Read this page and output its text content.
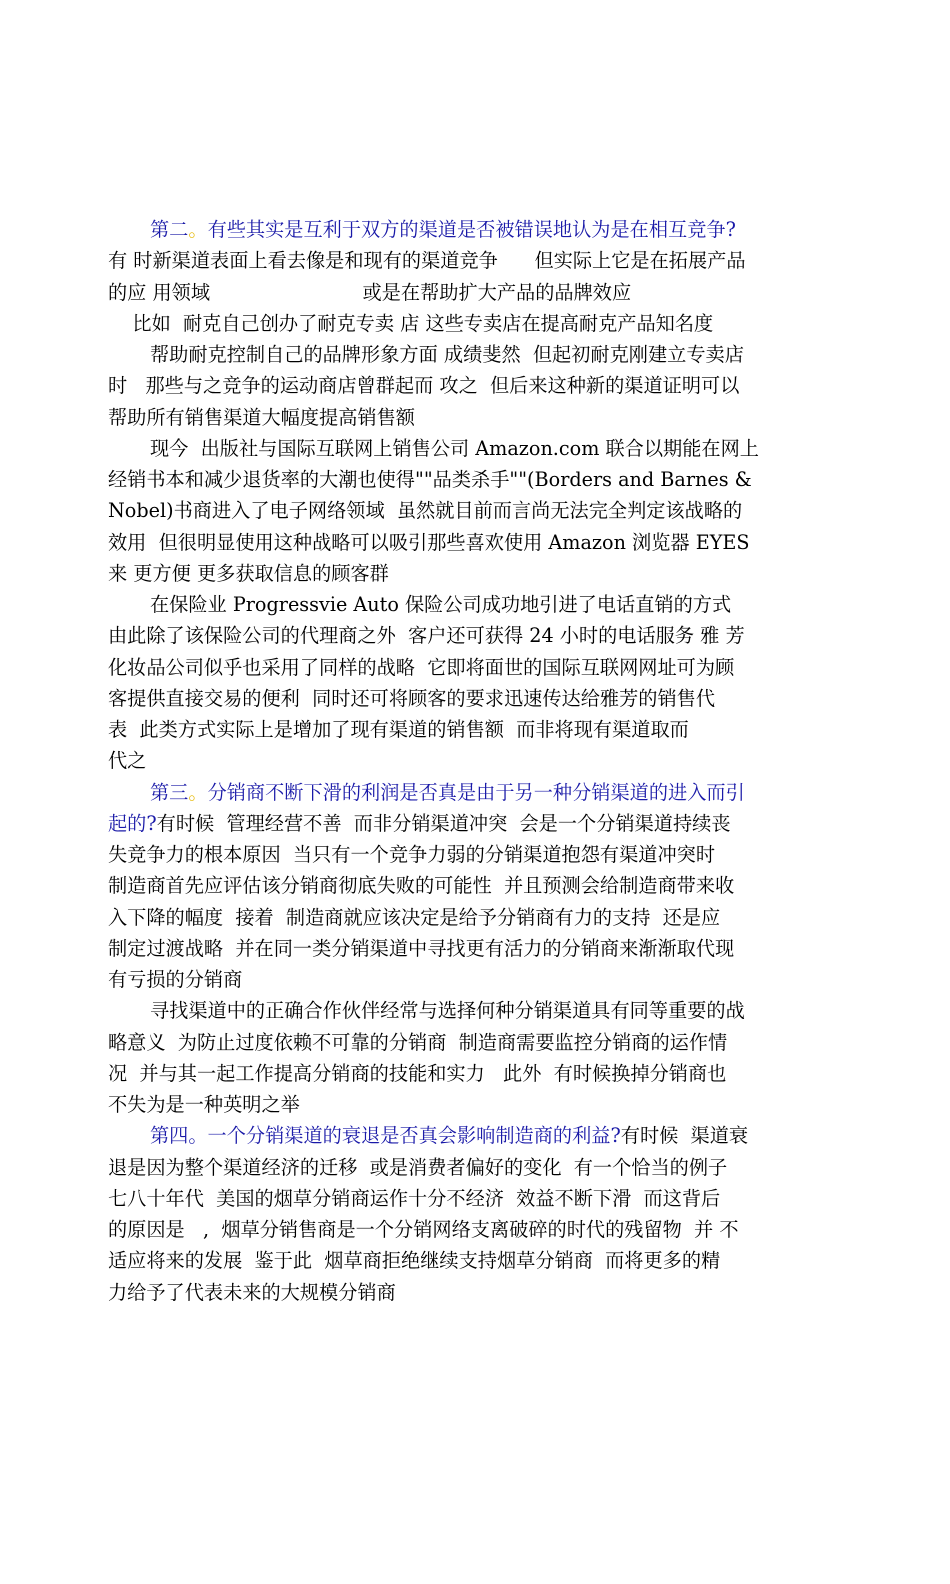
第二。有些其实是互利于双方的渠道是否被错误地认为是在相互竞争?
有 时新渠道表面上看去像是和现有的渠道竞争      但实际上它是在拓展产品
的应 用领域                         或是在帮助扩大产品的品牌效应
比如  耐克自己创办了耐克专卖 店 这些专卖店在提高耐克产品知名度
帮助耐克控制自己的品牌形象方面 成绩斐然  但起初耐克刚建立专卖店
时   那些与之竞争的运动商店曾群起而 攻之  但后来这种新的渠道证明可以
帮助所有销售渠道大幅度提高销售额
现今  出版社与国际互联网上销售公司 Amazon.com 联合以期能在网上
经销书本和减少退货率的大潮也使得""品类杀手""(Borders and Barnes &
Nobel)书商进入了电子网络领域  虽然就目前而言尚无法完全判定该战略的
效用  但很明显使用这种战略可以吸引那些喜欢使用 Amazon 浏览器 EYES
来 更方便 更多获取信息的顾客群
在保险业 Progressvie Auto 保险公司成功地引进了电话直销的方式
由此除了该保险公司的代理商之外  客户还可获得 24 小时的电话服务 雅 芳
化妆品公司似乎也采用了同样的战略  它即将面世的国际互联网网址可为顾
客提供直接交易的便利  同时还可将顾客的要求迅速传达给雅芳的销售代
表  此类方式实际上是增加了现有渠道的销售额  而非将现有渠道取而
代之
第三。分销商不断下滑的利润是否真是由于另一种分销渠道的进入而引
起的?有时候  管理经营不善  而非分销渠道冲突  会是一个分销渠道持续丧
失竞争力的根本原因  当只有一个竞争力弱的分销渠道抱怨有渠道冲突时
制造商首先应评估该分销商彻底失败的可能性  并且预测会给制造商带来收
入下降的幅度  接着  制造商就应该决定是给予分销商有力的支持  还是应
制定过渡战略  并在同一类分销渠道中寻找更有活力的分销商来渐渐取代现
有亏损的分销商
寻找渠道中的正确合作伙伴经常与选择何种分销渠道具有同等重要的战
略意义  为防止过度依赖不可靠的分销商  制造商需要监控分销商的运作情
况  并与其一起工作提高分销商的技能和实力   此外  有时候换掉分销商也
不失为是一种英明之举
第四。一个分销渠道的衰退是否真会影响制造商的利益?有时候  渠道衰
退是因为整个渠道经济的迁移  或是消费者偏好的变化  有一个恰当的例子
七八十年代  美国的烟草分销商运作十分不经济  效益不断下滑  而这背后
的原因是   ,  烟草分销售商是一个分销网络支离破碎的时代的残留物  并 不
适应将来的发展  鉴于此  烟草商拒绝继续支持烟草分销商  而将更多的精
力给予了代表未来的大规模分销商
